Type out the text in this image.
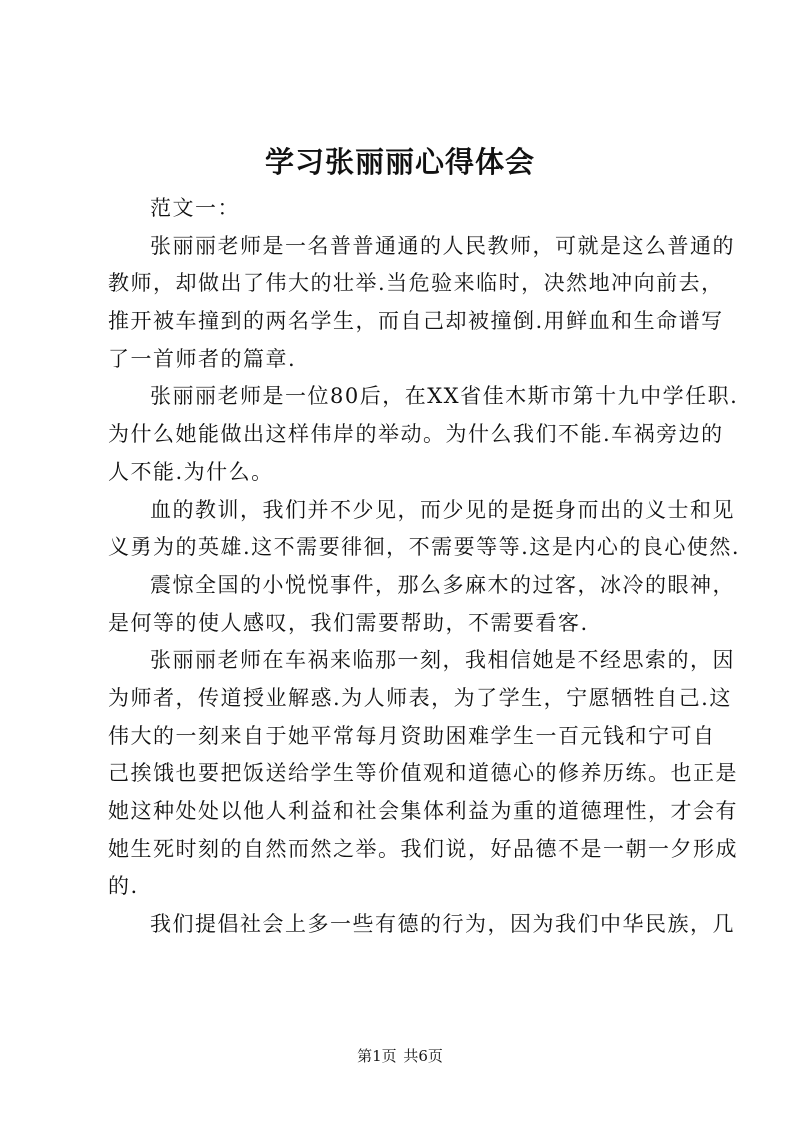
学习张丽丽心得体会
范文一：
张丽丽老师是一名普普通通的人民教师，可就是这么普通的
教师，却做出了伟大的壮举.当危验来临时，决然地冲向前去，
推开被车撞到的两名学生，而自己却被撞倒.用鲜血和生命谱写
了一首师者的篇章.
张丽丽老师是一位80后，在XX省佳木斯市第十九中学任职.
为什么她能做出这样伟岸的举动。为什么我们不能.车祸旁边的
人不能.为什么。
血的教训，我们并不少见，而少见的是挺身而出的义士和见
义勇为的英雄.这不需要徘徊，不需要等等.这是内心的良心使然.
震惊全国的小悦悦事件，那么多麻木的过客，冰冷的眼神，
是何等的使人感叹，我们需要帮助，不需要看客.
张丽丽老师在车祸来临那一刻，我相信她是不经思索的，因
为师者，传道授业解惑.为人师表，为了学生，宁愿牺牲自己.这
伟大的一刻来自于她平常每月资助困难学生一百元钱和宁可自
己挨饿也要把饭送给学生等价值观和道德心的修养历练。也正是
她这种处处以他人利益和社会集体利益为重的道德理性，才会有
她生死时刻的自然而然之举。我们说，好品德不是一朝一夕形成
的.
我们提倡社会上多一些有德的行为，因为我们中华民族，几
第1页 共6页
